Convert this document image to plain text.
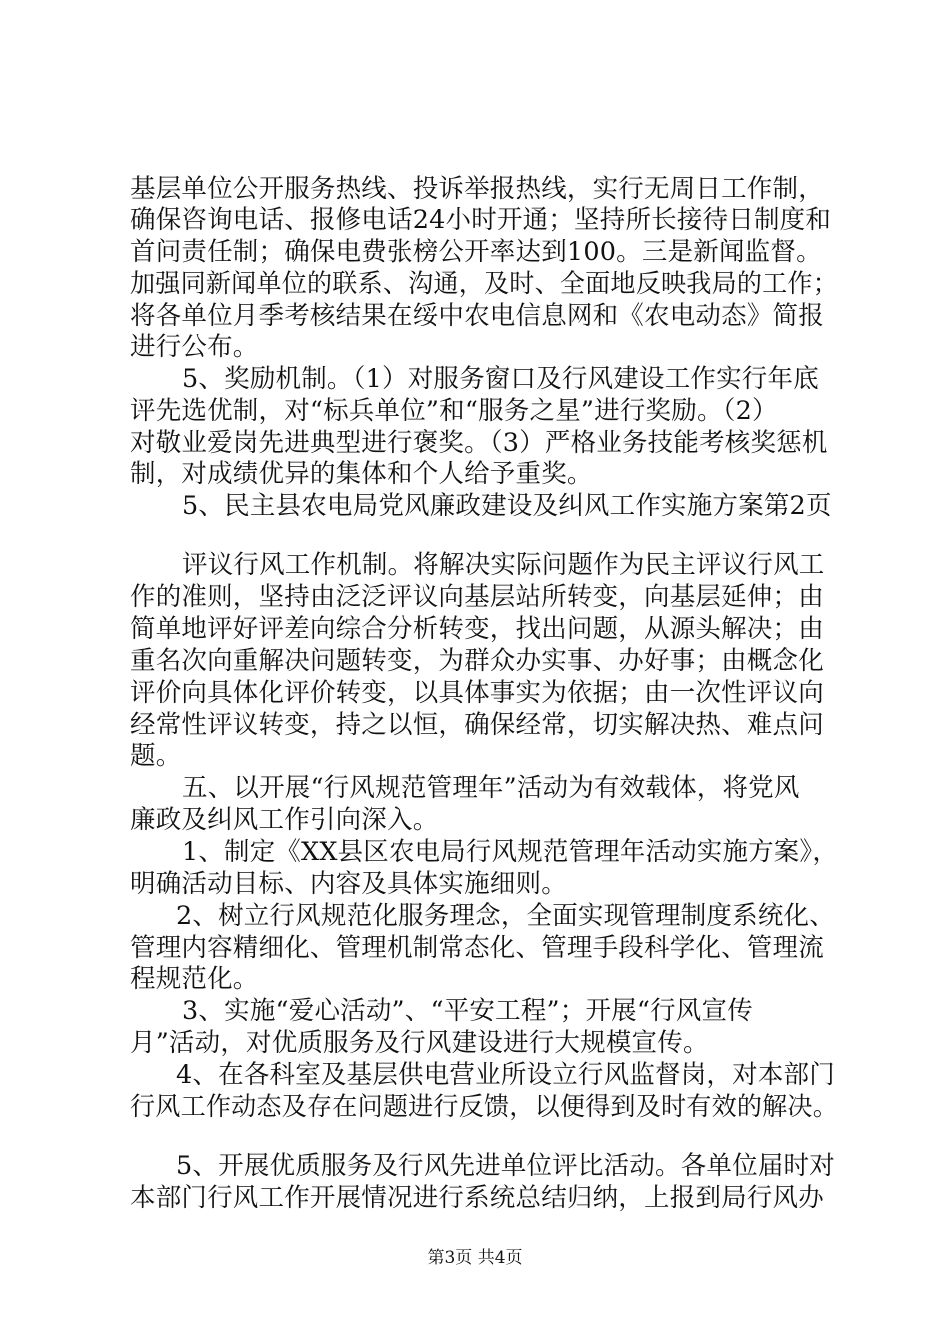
基层单位公开服务热线、投诉举报热线，实行无周日工作制，
确保咨询电话、报修电话24小时开通；坚持所长接待日制度和
首问责任制；确保电费张榜公开率达到100。三是新闻监督。
加强同新闻单位的联系、沟通，及时、全面地反映我局的工作；
将各单位月季考核结果在绥中农电信息网和《农电动态》简报
进行公布。
5、奖励机制。（1）对服务窗口及行风建设工作实行年底
评先选优制，对“标兵单位”和“服务之星”进行奖励。（2）
对敬业爱岗先进典型进行褒奖。（3）严格业务技能考核奖惩机
制，对成绩优异的集体和个人给予重奖。
5、民主县农电局党风廉政建设及纠风工作实施方案第2页
评议行风工作机制。将解决实际问题作为民主评议行风工
作的准则，坚持由泛泛评议向基层站所转变，向基层延伸；由
简单地评好评差向综合分析转变，找出问题，从源头解决；由
重名次向重解决问题转变，为群众办实事、办好事；由概念化
评价向具体化评价转变，以具体事实为依据；由一次性评议向
经常性评议转变，持之以恒，确保经常，切实解决热、难点问
题。
五、以开展“行风规范管理年”活动为有效载体，将党风
廉政及纠风工作引向深入。
1、制定《XX县区农电局行风规范管理年活动实施方案》，
明确活动目标、内容及具体实施细则。
2、树立行风规范化服务理念，全面实现管理制度系统化、
管理内容精细化、管理机制常态化、管理手段科学化、管理流
程规范化。
3、实施“爱心活动”、“平安工程”；开展“行风宣传
月”活动，对优质服务及行风建设进行大规模宣传。
4、在各科室及基层供电营业所设立行风监督岗，对本部门
行风工作动态及存在问题进行反馈，以便得到及时有效的解决。
5、开展优质服务及行风先进单位评比活动。各单位届时对
本部门行风工作开展情况进行系统总结归纳，上报到局行风办
第3页 共4页
